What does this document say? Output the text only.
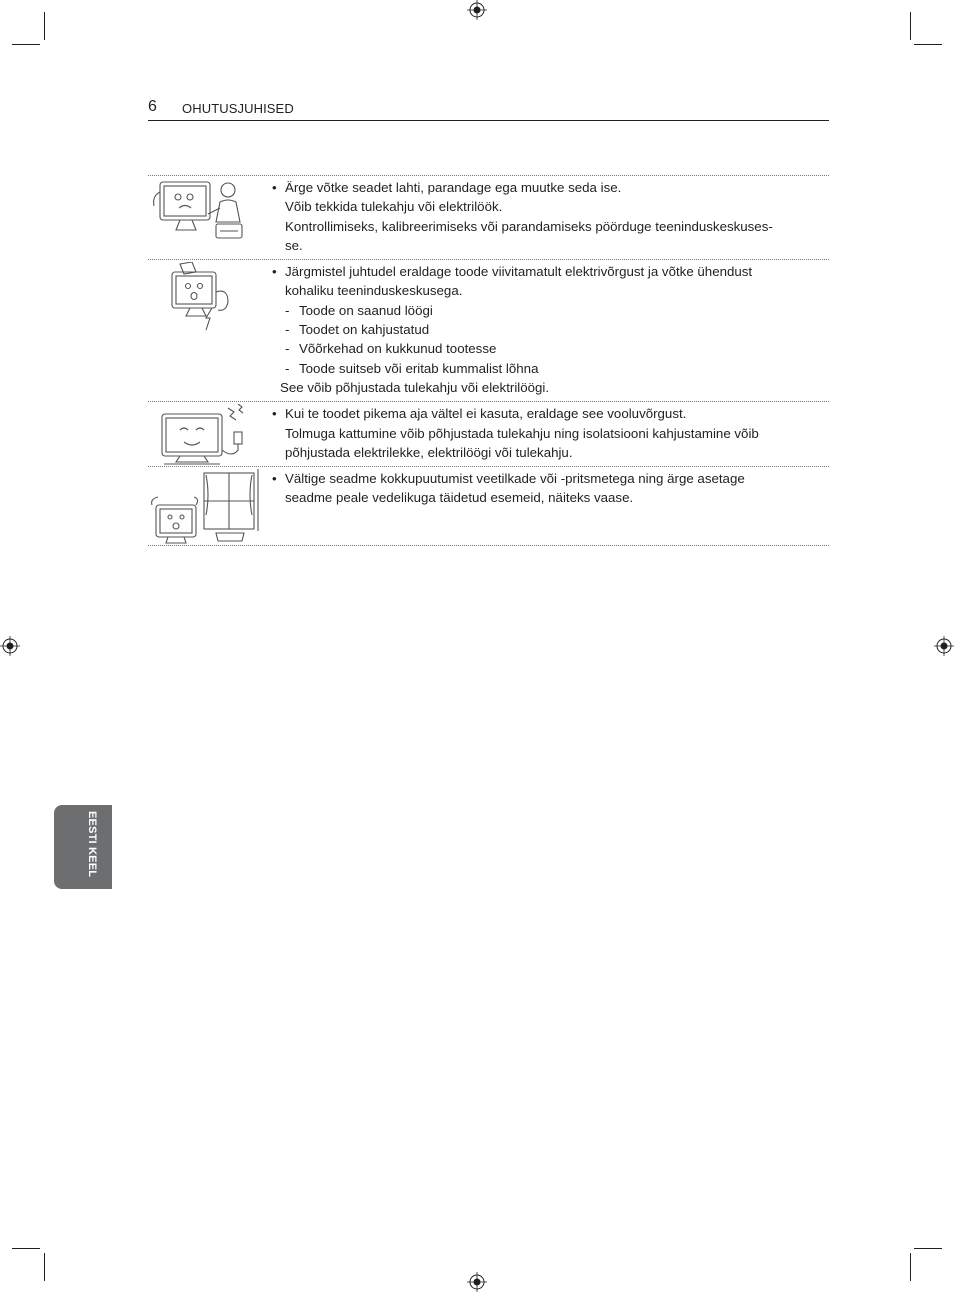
6 OHUTUSJUHISED
• Ärge võtke seadet lahti, parandage ega muutke seda ise.
Võib tekkida tulekahju või elektrilöök.
Kontrollimiseks, kalibreerimiseks või parandamiseks pöörduge teeninduskeskuses-
se.
• Järgmistel juhtudel eraldage toode viivitamatult elektrivõrgust ja võtke ühendust
kohaliku teeninduskeskusega.
- Toode on saanud löögi
- Toodet on kahjustatud
- Võõrkehad on kukkunud tootesse
- Toode suitseb või eritab kummalist lõhna
See võib põhjustada tulekahju või elektrilöögi.
• Kui te toodet pikema aja vältel ei kasuta, eraldage see vooluvõrgust.
Tolmuga kattumine võib põhjustada tulekahju ning isolatsiooni kahjustamine võib
põhjustada elektrilekke, elektrilöögi või tulekahju.
• Vältige seadme kokkupuutumist veetilkade või -pritsmetega ning ärge asetage
seadme peale vedelikuga täidetud esemeid, näiteks vaase.
EESTI KEEL
